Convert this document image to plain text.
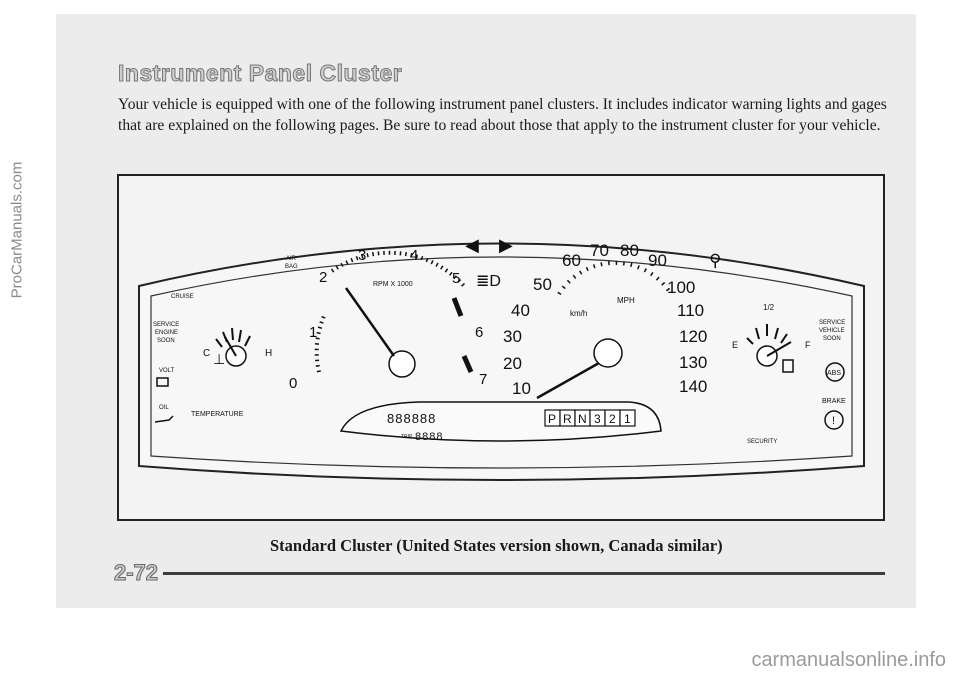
ProCarManuals.com
Instrument Panel Cluster
Your vehicle is equipped with one of the following instrument panel clusters. It includes indicator warning lights and gages that are explained on the following pages. Be sure to read about those that apply to the instrument cluster for your vehicle.
CRUISE
SERVICE
ENGINE
SOON
VOLT
OIL
C	H
⊥
TEMPERATURE
AIR
BAG
2
3	4
5
1	6
0	7
RPM X 1000
◀ ▶
≣D
10
20
30
40
50
60
70 80
90
100
110
120
130
140
MPH
km/h
⚲
1/2
E	F
SERVICE
VEHICLE
SOON
ABS
BRAKE
!
SECURITY
888888
TRIP 8888
P R N 3 2 1
Standard Cluster (United States version shown, Canada similar)
2-72
carmanualsonline.info
